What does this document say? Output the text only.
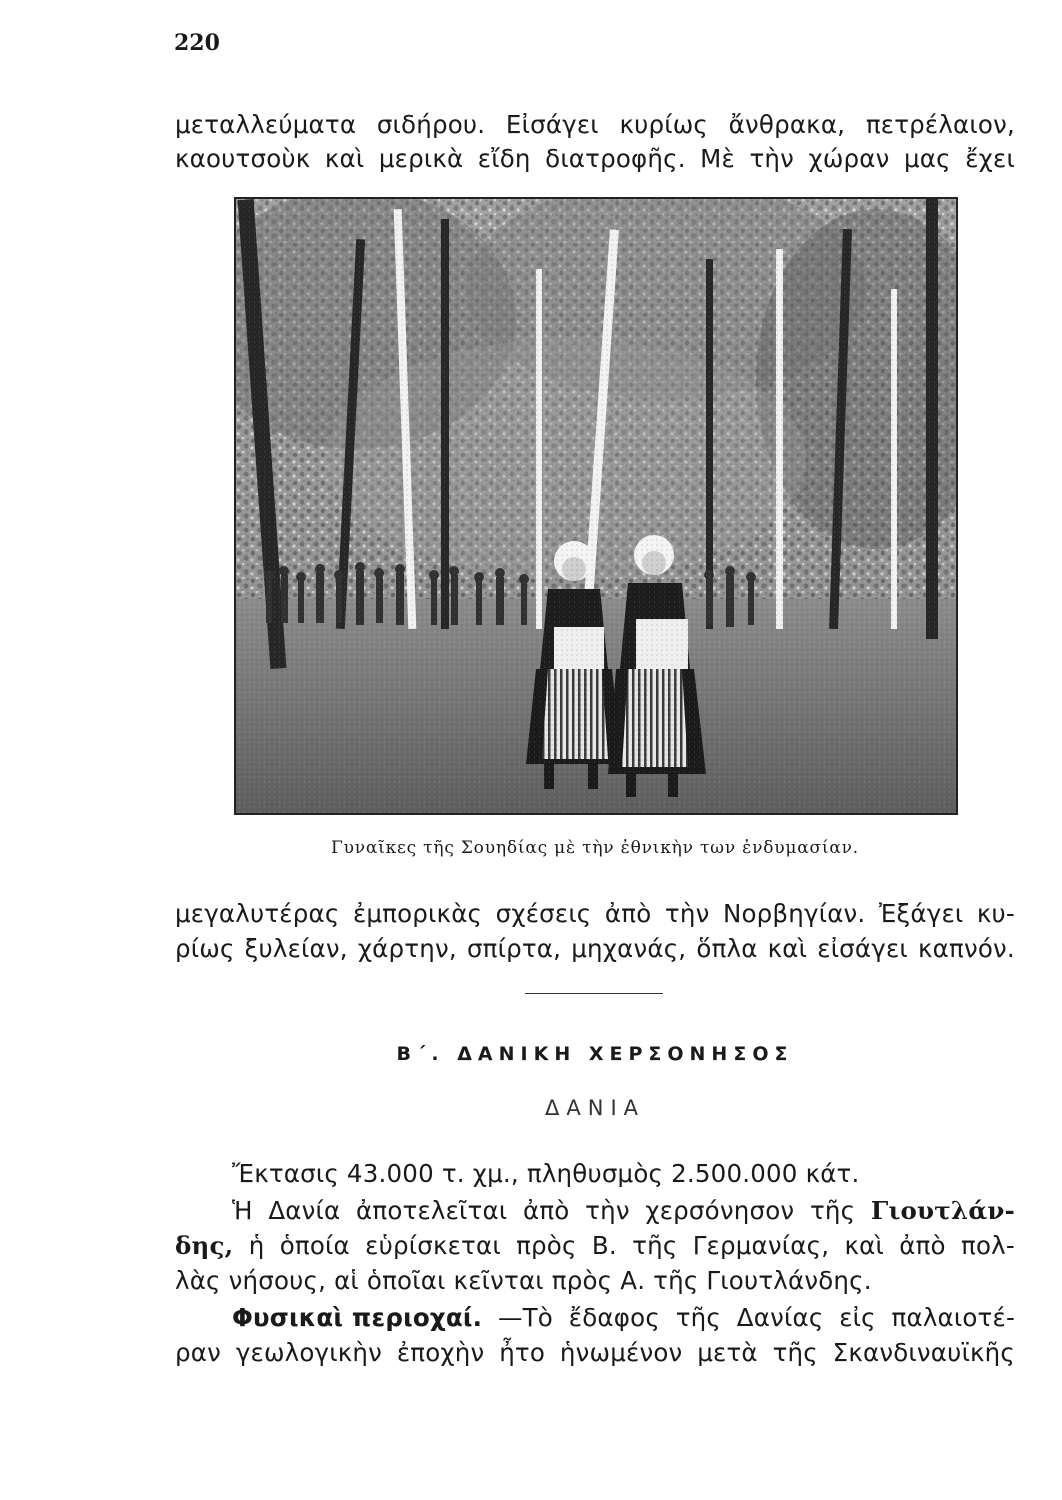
220
μεταλλεύματα σιδήρου. Εἰσάγει κυρίως ἄνθρακα, πετρέλαιον,
καουτσοὺκ καὶ μερικὰ εἴδη διατροφῆς. Μὲ τὴν χώραν μας ἔχει
Γυναῖκες τῆς Σουηδίας μὲ τὴν ἐθνικὴν των ἐνδυμασίαν.
μεγαλυτέρας ἐμπορικὰς σχέσεις ἀπὸ τὴν Νορβηγίαν. Ἐξάγει κυ-
ρίως ξυλείαν, χάρτην, σπίρτα, μηχανάς, ὅπλα καὶ εἰσάγει καπνόν.
Β΄. ΔΑΝΙΚΗ ΧΕΡΣΟΝΗΣΟΣ
ΔΑΝΙΑ
Ἔκτασις 43.000 τ. χμ., πληθυσμὸς 2.500.000 κάτ.
Ἡ Δανία ἀποτελεῖται ἀπὸ τὴν χερσόνησον τῆς Γιουτλάν-
δης, ἡ ὁποία εὑρίσκεται πρὸς Β. τῆς Γερμανίας, καὶ ἀπὸ πολ-
λὰς νήσους, αἱ ὁποῖαι κεῖνται πρὸς Α. τῆς Γιουτλάνδης.
Φυσικαὶ περιοχαί. —Τὸ ἔδαφος τῆς Δανίας εἰς παλαιοτέ-
ραν γεωλογικὴν ἐποχὴν ἦτο ἡνωμένον μετὰ τῆς Σκανδιναυϊκῆς
